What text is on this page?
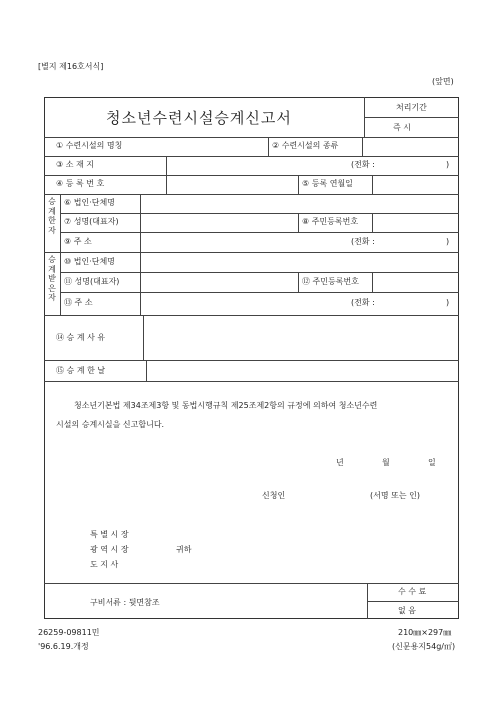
[별지 제16호서식]
(앞면)
청소년수련시설승계신고서
처리기간
즉 시
① 수련시설의 명칭	② 수련시설의 종류
③ 소 재 지	(전화 :	)
④ 등 록 번 호	⑤ 등록 연월일
승
계
한
자
⑥ 법인·단체명
⑦ 성명(대표자)	⑧ 주민등록번호
⑨ 주 소	(전화 :	)
승
계
받
은
자
⑩ 법인·단체명
⑪ 성명(대표자)	⑫ 주민등록번호
⑬ 주 소	(전화 :	)
⑭ 승 계 사 유
⑮ 승 계 한 날
청소년기본법 제34조제3항 및 동법시행규칙 제25조제2항의 규정에 의하여 청소년수련
시설의 승계시실을 신고합니다.
년	월	일
신청인	(서명 또는 인)
특 별 시 장
광 역 시 장
도 지 사
귀하
구비서류 : 뒷면참조
수 수 료
없 음
26259-09811민
'96.6.19.개정
210㎜×297㎜
(신문용지54g/㎡)
